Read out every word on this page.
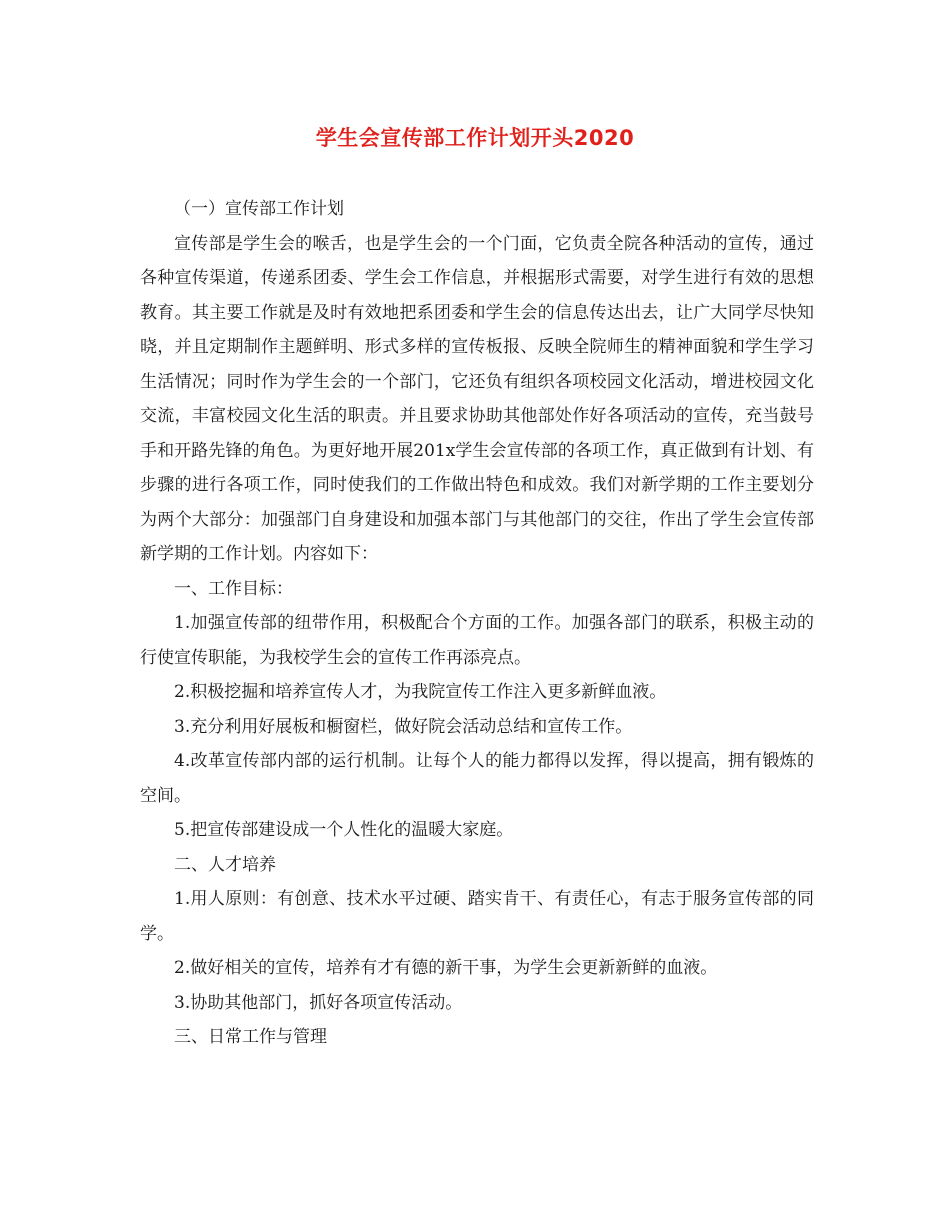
学生会宣传部工作计划开头2020

（一）宣传部工作计划

宣传部是学生会的喉舌，也是学生会的一个门面，它负责全院各种活动的宣传，通过各种宣传渠道，传递系团委、学生会工作信息，并根据形式需要，对学生进行有效的思想教育。其主要工作就是及时有效地把系团委和学生会的信息传达出去，让广大同学尽快知晓，并且定期制作主题鲜明、形式多样的宣传板报、反映全院师生的精神面貌和学生学习生活情况；同时作为学生会的一个部门，它还负有组织各项校园文化活动，增进校园文化交流，丰富校园文化生活的职责。并且要求协助其他部处作好各项活动的宣传，充当鼓号手和开路先锋的角色。为更好地开展201x学生会宣传部的各项工作，真正做到有计划、有步骤的进行各项工作，同时使我们的工作做出特色和成效。我们对新学期的工作主要划分为两个大部分：加强部门自身建设和加强本部门与其他部门的交往，作出了学生会宣传部新学期的工作计划。内容如下：

一、工作目标：

1.加强宣传部的纽带作用，积极配合个方面的工作。加强各部门的联系，积极主动的行使宣传职能，为我校学生会的宣传工作再添亮点。

2.积极挖掘和培养宣传人才，为我院宣传工作注入更多新鲜血液。

3.充分利用好展板和橱窗栏，做好院会活动总结和宣传工作。

4.改革宣传部内部的运行机制。让每个人的能力都得以发挥，得以提高，拥有锻炼的空间。

5.把宣传部建设成一个人性化的温暖大家庭。

二、人才培养

1.用人原则：有创意、技术水平过硬、踏实肯干、有责任心，有志于服务宣传部的同学。

2.做好相关的宣传，培养有才有德的新干事，为学生会更新新鲜的血液。

3.协助其他部门，抓好各项宣传活动。

三、日常工作与管理
